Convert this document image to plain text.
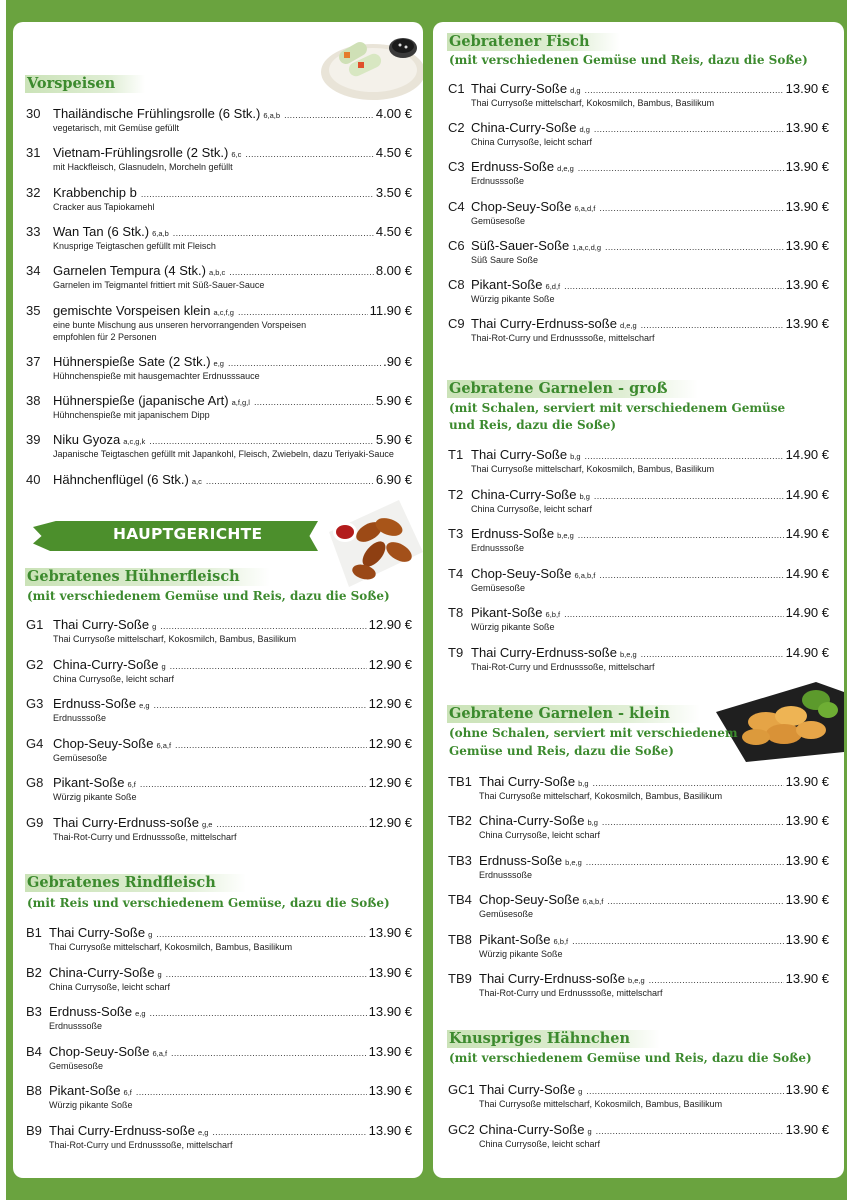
Vorspeisen
30 Thailändische Frühlingsrolle (6 Stk.) 6,a,b .....	4.00 €
vegetarisch, mit Gemüse gefüllt
31 Vietnam-Frühlingsrolle (2 Stk.) 6,c .....	4.50 €
mit Hackfleisch, Glasnudeln, Morcheln gefüllt
32 Krabbenchip b .....	3.50 €
Cracker aus Tapiokamehl
33 Wan Tan (6 Stk.) 6,a,b .....	4.50 €
Knusprige Teigtaschen gefüllt mit Fleisch
34 Garnelen Tempura (4 Stk.) a,b,c .....	8.00 €
Garnelen im Teigmantel frittiert mit Süß-Sauer-Sauce
35 gemischte Vorspeisen klein a,c,f,g .....	11.90 €
eine bunte Mischung aus unseren hervorrangenden Vorspeisen
empfohlen für 2 Personen
37 Hühnerspieße Sate (2 Stk.) e,g .....	.90 €
Hühnchenspieße mit hausgemachter Erdnusssauce
38 Hühnerspieße (japanische Art) a,f,g,l .....	5.90 €
Hühnchenspieße mit japanischem Dipp
39 Niku Gyoza a,c,g,k .....	5.90 €
Japanische Teigtaschen gefüllt mit Japankohl, Fleisch, Zwiebeln, dazu Teriyaki-Sauce
40 Hähnchenflügel (6 Stk.) a,c .....	6.90 €
HAUPTGERICHTE
Gebratenes Hühnerfleisch
(mit verschiedenem Gemüse und Reis, dazu die Soße)
G1 Thai Curry-Soße g .....	12.90 €
Thai Currysoße mittelscharf, Kokosmilch, Bambus, Basilikum
G2 China-Curry-Soße g .....	12.90 €
China Currysoße, leicht scharf
G3 Erdnuss-Soße e,g .....	12.90 €
Erdnusssoße
G4 Chop-Seuy-Soße 6,a,f .....	12.90 €
Gemüsesoße
G8 Pikant-Soße 6,f .....	12.90 €
Würzig pikante Soße
G9 Thai Curry-Erdnuss-soße g,e .....	12.90 €
Thai-Rot-Curry und Erdnusssoße, mittelscharf
Gebratenes Rindfleisch
(mit Reis und verschiedenem Gemüse, dazu die Soße)
B1 Thai Curry-Soße g .....	13.90 €
Thai Currysoße mittelscharf, Kokosmilch, Bambus, Basilikum
B2 China-Curry-Soße g .....	13.90 €
China Currysoße, leicht scharf
B3 Erdnuss-Soße e,g .....	13.90 €
Erdnusssoße
B4 Chop-Seuy-Soße 6,a,f .....	13.90 €
Gemüsesoße
B8 Pikant-Soße 6,f .....	13.90 €
Würzig pikante Soße
B9 Thai Curry-Erdnuss-soße e,g .....	13.90 €
Thai-Rot-Curry und Erdnusssoße, mittelscharf
Gebratener Fisch
(mit verschiedenen Gemüse und Reis, dazu die Soße)
C1 Thai Curry-Soße d,g .....	13.90 €
Thai Currysoße mittelscharf, Kokosmilch, Bambus, Basilikum
C2 China-Curry-Soße d,g .....	13.90 €
China Currysoße, leicht scharf
C3 Erdnuss-Soße d,e,g .....	13.90 €
Erdnusssoße
C4 Chop-Seuy-Soße 6,a,d,f .....	13.90 €
Gemüsesoße
C6 Süß-Sauer-Soße 1,a,c,d,g .....	13.90 €
Süß Saure Soße
C8 Pikant-Soße 6,d,f .....	13.90 €
Würzig pikante Soße
C9 Thai Curry-Erdnuss-soße d,e,g .....	13.90 €
Thai-Rot-Curry und Erdnusssoße, mittelscharf
Gebratene Garnelen - groß
(mit Schalen, serviert mit verschiedenem Gemüse
und Reis, dazu die Soße)
T1 Thai Curry-Soße b,g .....	14.90 €
Thai Currysoße mittelscharf, Kokosmilch, Bambus, Basilikum
T2 China-Curry-Soße b,g .....	14.90 €
China Currysoße, leicht scharf
T3 Erdnuss-Soße b,e,g .....	14.90 €
Erdnusssoße
T4 Chop-Seuy-Soße 6,a,b,f .....	14.90 €
Gemüsesoße
T8 Pikant-Soße 6,b,f .....	14.90 €
Würzig pikante Soße
T9 Thai Curry-Erdnuss-soße b,e,g .....	14.90 €
Thai-Rot-Curry und Erdnusssoße, mittelscharf
Gebratene Garnelen - klein
(ohne Schalen, serviert mit verschiedenem
Gemüse und Reis, dazu die Soße)
TB1 Thai Curry-Soße b,g .....	13.90 €
Thai Currysoße mittelscharf, Kokosmilch, Bambus, Basilikum
TB2 China-Curry-Soße b,g .....	13.90 €
China Currysoße, leicht scharf
TB3 Erdnuss-Soße b,e,g .....	13.90 €
Erdnusssoße
TB4 Chop-Seuy-Soße 6,a,b,f .....	13.90 €
Gemüsesoße
TB8 Pikant-Soße 6,b,f .....	13.90 €
Würzig pikante Soße
TB9 Thai Curry-Erdnuss-soße b,e,g .....	13.90 €
Thai-Rot-Curry und Erdnusssoße, mittelscharf
Knuspriges Hähnchen
(mit verschiedenem Gemüse und Reis, dazu die Soße)
GC1 Thai Curry-Soße g .....	13.90 €
Thai Currysoße mittelscharf, Kokosmilch, Bambus, Basilikum
GC2 China-Curry-Soße g .....	13.90 €
China Currysoße, leicht scharf
